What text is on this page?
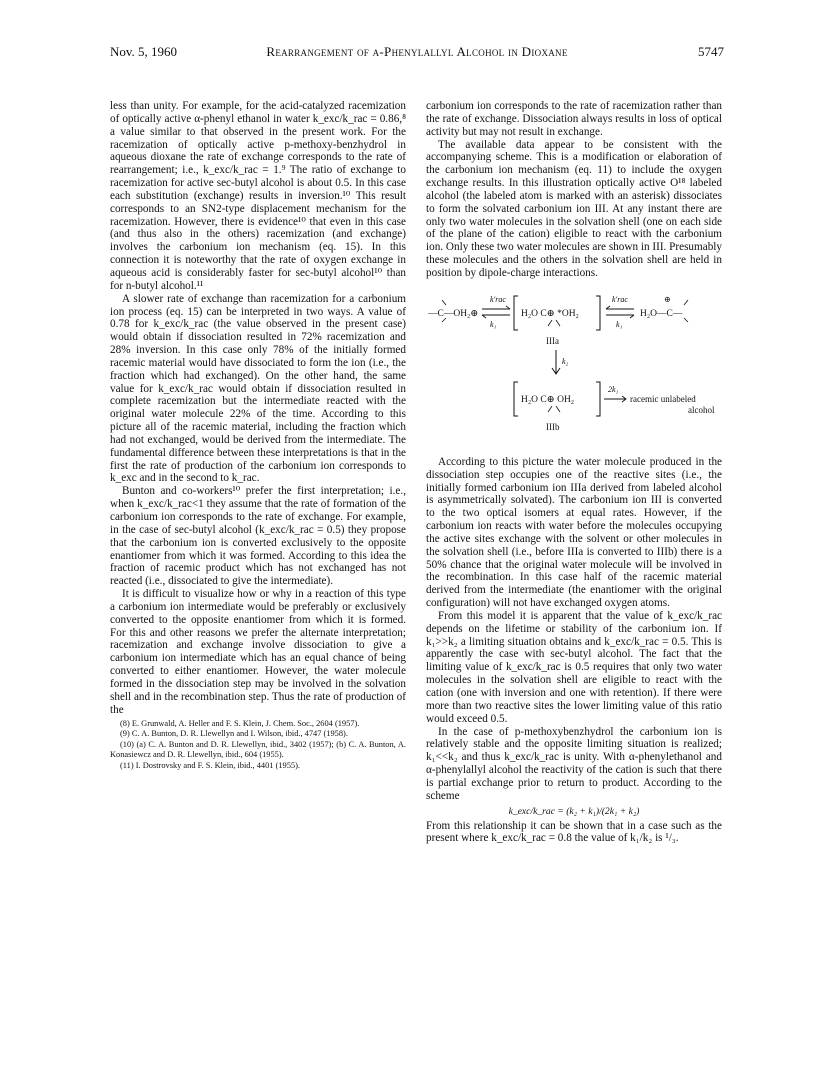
Nov. 5, 1960	Rearrangement of α-Phenylallyl Alcohol in Dioxane	5747

less than unity. For example, for the acid-catalyzed racemization of optically active α-phenyl ethanol in water k_exc/k_rac = 0.86,⁸ a value similar to that observed in the present work. For the racemization of optically active p-methoxy-benzhydrol in aqueous dioxane the rate of exchange corresponds to the rate of rearrangement; i.e., k_exc/k_rac = 1.⁹ The ratio of exchange to racemization for active sec-butyl alcohol is about 0.5. In this case each substitution (exchange) results in inversion.¹⁰ This result corresponds to an SN2-type displacement mechanism for the racemization. However, there is evidence¹⁰ that even in this case (and thus also in the others) racemization (and exchange) involves the carbonium ion mechanism (eq. 15). In this connection it is noteworthy that the rate of oxygen exchange in aqueous acid is considerably faster for sec-butyl alcohol¹⁰ than for n-butyl alcohol.¹¹

A slower rate of exchange than racemization for a carbonium ion process (eq. 15) can be interpreted in two ways. A value of 0.78 for k_exc/k_rac (the value observed in the present case) would obtain if dissociation resulted in 72% racemization and 28% inversion. In this case only 78% of the initially formed racemic material would have dissociated to form the ion (i.e., the fraction which had exchanged). On the other hand, the same value for k_exc/k_rac would obtain if dissociation resulted in complete racemization but the intermediate reacted with the original water molecule 22% of the time. According to this picture all of the racemic material, including the fraction which had not exchanged, would be derived from the intermediate. The fundamental difference between these interpretations is that in the first the rate of production of the carbonium ion corresponds to k_exc and in the second to k_rac.

Bunton and co-workers¹⁰ prefer the first interpretation; i.e., when k_exc/k_rac<1 they assume that the rate of formation of the carbonium ion corresponds to the rate of exchange. For example, in the case of sec-butyl alcohol (k_exc/k_rac = 0.5) they propose that the carbonium ion is converted exclusively to the opposite enantiomer from which it was formed. According to this idea the fraction of racemic product which has not exchanged has not reacted (i.e., dissociated to give the intermediate).

It is difficult to visualize how or why in a reaction of this type a carbonium ion intermediate would be preferably or exclusively converted to the opposite enantiomer from which it is formed. For this and other reasons we prefer the alternate interpretation; racemization and exchange involve dissociation to give a carbonium ion intermediate which has an equal chance of being converted to either enantiomer. However, the water molecule formed in the dissociation step may be involved in the solvation shell and in the recombination step. Thus the rate of production of the

(8) E. Grunwald, A. Heller and F. S. Klein, J. Chem. Soc., 2604 (1957).

(9) C. A. Bunton, D. R. Llewellyn and I. Wilson, ibid., 4747 (1958).

(10) (a) C. A. Bunton and D. R. Llewellyn, ibid., 3402 (1957); (b) C. A. Bunton, A. Konasiewcz and D. R. Llewellyn, ibid., 604 (1955).

(11) I. Dostrovsky and F. S. Klein, ibid., 4401 (1955).

carbonium ion corresponds to the rate of racemization rather than the rate of exchange. Dissociation always results in loss of optical activity but may not result in exchange.

The available data appear to be consistent with the accompanying scheme. This is a modification or elaboration of the carbonium ion mechanism (eq. 11) to include the oxygen exchange results. In this illustration optically active O¹⁸ labeled alcohol (the labeled atom is marked with an asterisk) dissociates to form the solvated carbonium ion III. At any instant there are only two water molecules in the solvation shell (one on each side of the plane of the cation) eligible to react with the carbonium ion. Only these two water molecules are shown in III. Presumably these molecules and the others in the solvation shell are held in position by dipole-charge interactions.

—C—OH₂⊕
k′rac
k₁
H₂O C⊕ *OH₂
IIIa
k′rac
k₁
H₂O—C—
⊕
k₂
H₂O C⊕ OH₂
IIIb
2k₁
racemic unlabeled
alcohol

According to this picture the water molecule produced in the dissociation step occupies one of the reactive sites (i.e., the initially formed carbonium ion IIIa derived from labeled alcohol is asymmetrically solvated). The carbonium ion III is converted to the two optical isomers at equal rates. However, if the carbonium ion reacts with water before the molecules occupying the active sites exchange with the solvent or other molecules in the solvation shell (i.e., before IIIa is converted to IIIb) there is a 50% chance that the original water molecule will be involved in the recombination. In this case half of the racemic material derived from the intermediate (the enantiomer with the original configuration) will not have exchanged oxygen atoms.

From this model it is apparent that the value of k_exc/k_rac depends on the lifetime or stability of the carbonium ion. If k₁>>k₂ a limiting situation obtains and k_exc/k_rac = 0.5. This is apparently the case with sec-butyl alcohol. The fact that the limiting value of k_exc/k_rac is 0.5 requires that only two water molecules in the solvation shell are eligible to react with the cation (one with inversion and one with retention). If there were more than two reactive sites the lower limiting value of this ratio would exceed 0.5.

In the case of p-methoxybenzhydrol the carbonium ion is relatively stable and the opposite limiting situation is realized; k₁<<k₂ and thus k_exc/k_rac is unity. With α-phenylethanol and α-phenylallyl alcohol the reactivity of the cation is such that there is partial exchange prior to return to product. According to the scheme

k_exc/k_rac = (k₂ + k₁)/(2k₁ + k₂)

From this relationship it can be shown that in a case such as the present where k_exc/k_rac = 0.8 the value of k₁/k₂ is ¹/₃.
